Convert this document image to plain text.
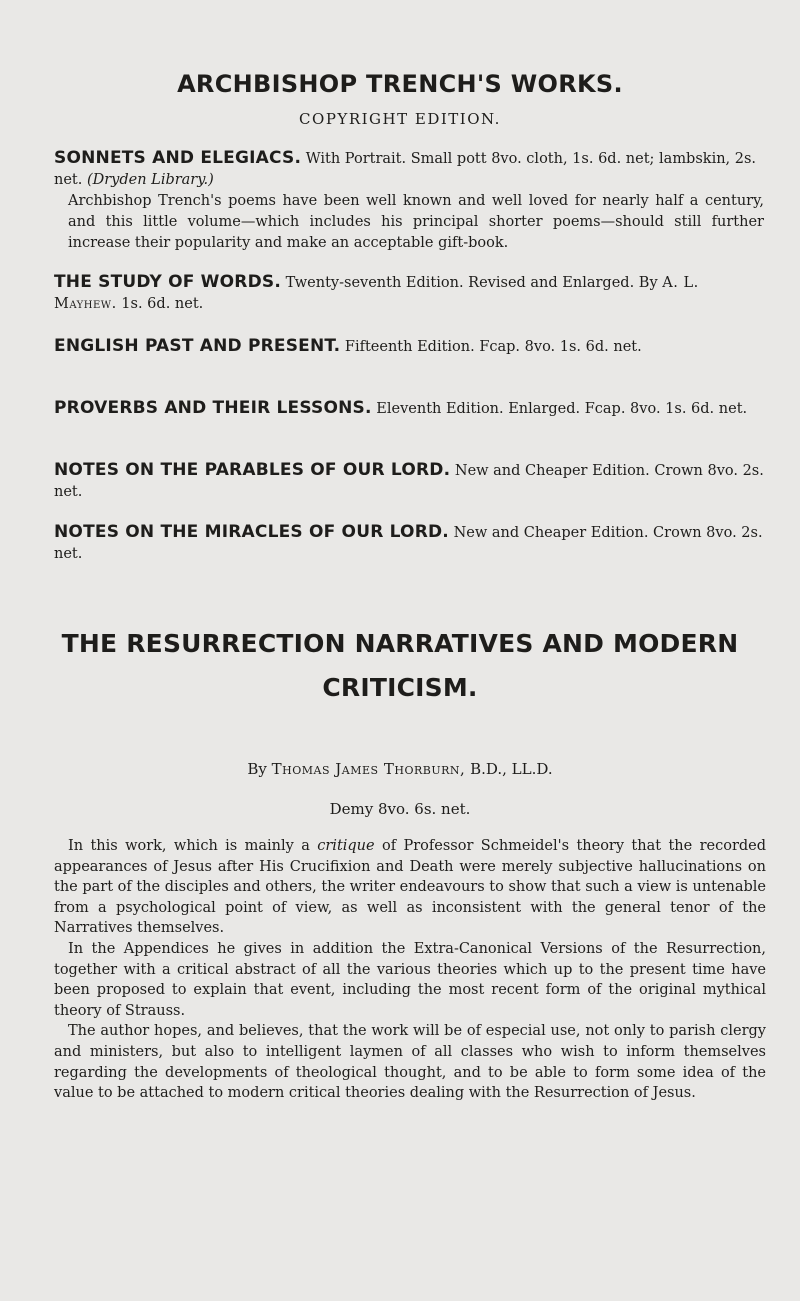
ARCHBISHOP TRENCH'S WORKS.
COPYRIGHT EDITION.

SONNETS AND ELEGIACS. With Portrait. Small pott 8vo. cloth, 1s. 6d. net; lambskin, 2s. net. (Dryden Library.)

Archbishop Trench's poems have been well known and well loved for nearly half a century, and this little volume—which includes his principal shorter poems—should still further increase their popularity and make an acceptable gift-book.

THE STUDY OF WORDS. Twenty-seventh Edition. Revised and Enlarged. By A. L. Mayhew. 1s. 6d. net.

ENGLISH PAST AND PRESENT. Fifteenth Edition. Fcap. 8vo. 1s. 6d. net.

PROVERBS AND THEIR LESSONS. Eleventh Edition. Enlarged. Fcap. 8vo. 1s. 6d. net.

NOTES ON THE PARABLES OF OUR LORD. New and Cheaper Edition. Crown 8vo. 2s. net.

NOTES ON THE MIRACLES OF OUR LORD. New and Cheaper Edition. Crown 8vo. 2s. net.

THE RESURRECTION NARRATIVES AND MODERN
CRITICISM.

By Thomas James Thorburn, B.D., LL.D.

Demy 8vo. 6s. net.

In this work, which is mainly a critique of Professor Schmeidel's theory that the recorded appearances of Jesus after His Crucifixion and Death were merely subjective hallucinations on the part of the disciples and others, the writer endeavours to show that such a view is untenable from a psychological point of view, as well as inconsistent with the general tenor of the Narratives themselves.

In the Appendices he gives in addition the Extra-Canonical Versions of the Resurrection, together with a critical abstract of all the various theories which up to the present time have been proposed to explain that event, including the most recent form of the original mythical theory of Strauss.

The author hopes, and believes, that the work will be of especial use, not only to parish clergy and ministers, but also to intelligent laymen of all classes who wish to inform themselves regarding the developments of theological thought, and to be able to form some idea of the value to be attached to modern critical theories dealing with the Resurrection of Jesus.
